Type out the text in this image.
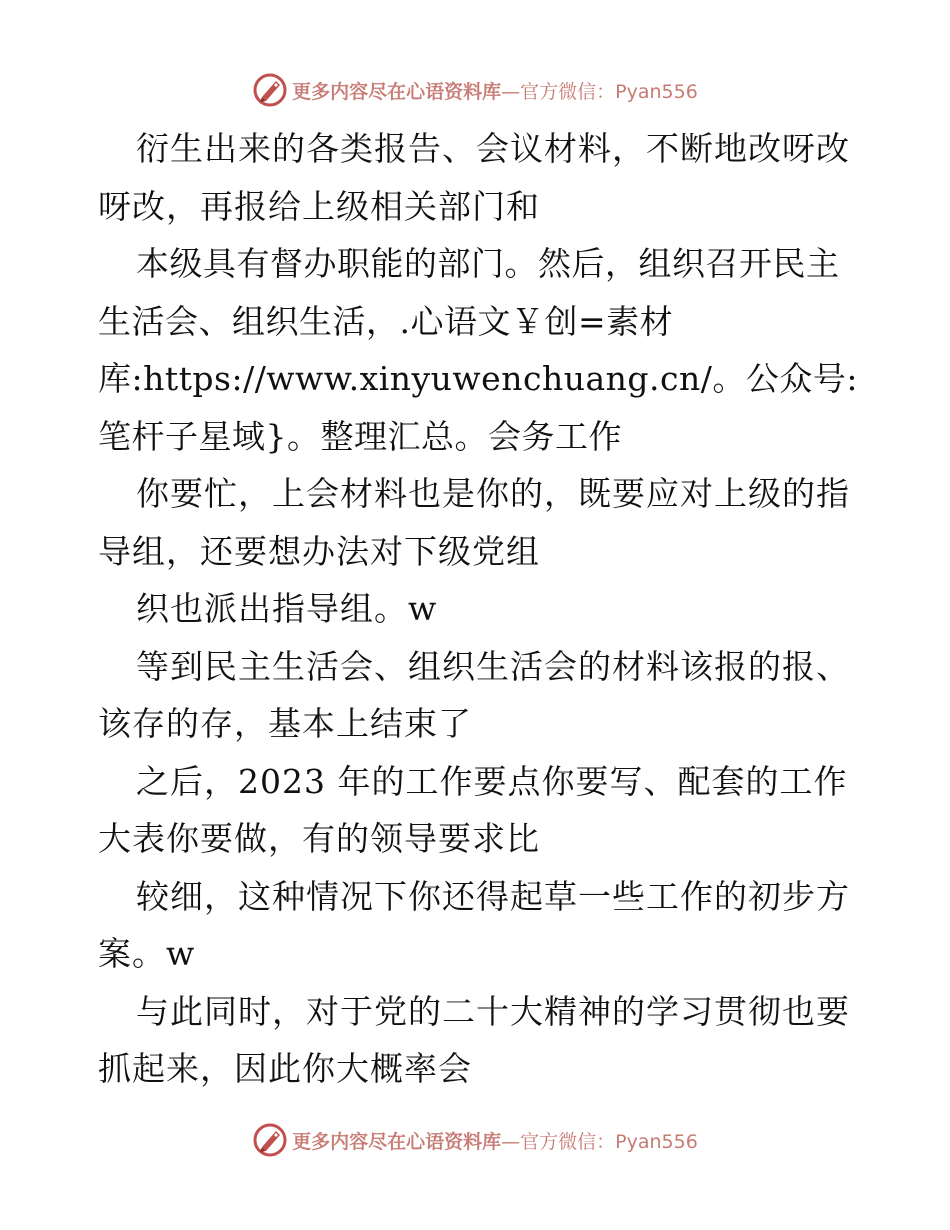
更多内容尽在心语资料库 —官方微信：Pyan556

衍生出来的各类报告、会议材料，不断地改呀改呀改，再报给上级相关部门和

本级具有督办职能的部门。然后，组织召开民主生活会、组织生活，.心语文￥创=素材库:https://www.xinyuwenchuang.cn/。公众号: 笔杆子星域}。整理汇总。会务工作

你要忙，上会材料也是你的，既要应对上级的指导组，还要想办法对下级党组

织也派出指导组。w

等到民主生活会、组织生活会的材料该报的报、该存的存，基本上结束了

之后，2023 年的工作要点你要写、配套的工作大表你要做，有的领导要求比

较细，这种情况下你还得起草一些工作的初步方案。w

与此同时，对于党的二十大精神的学习贯彻也要抓起来，因此你大概率会

更多内容尽在心语资料库 —官方微信：Pyan556
